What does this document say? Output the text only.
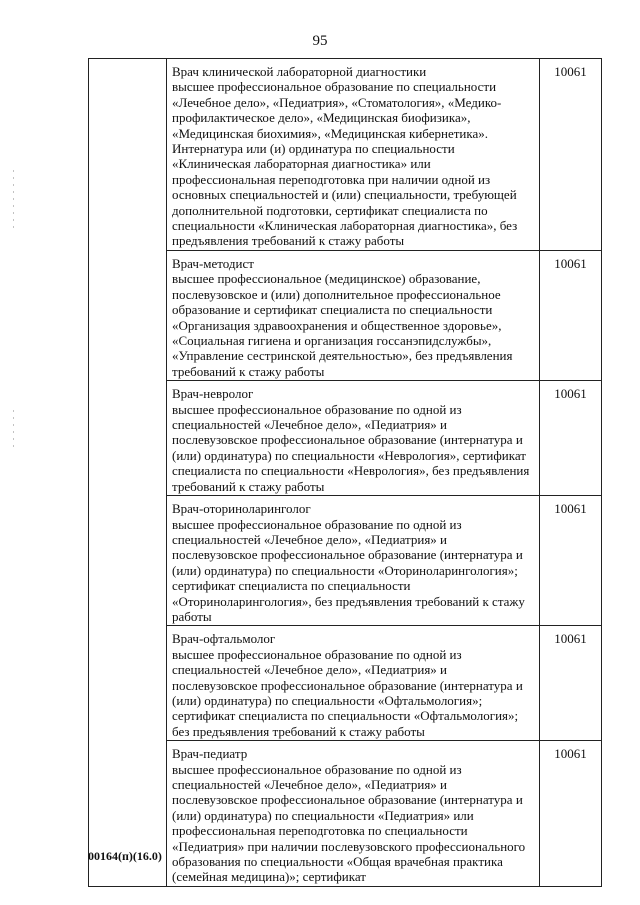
95

	Врач клинической лабораторной диагностики
высшее профессиональное образование по специальности «Лечебное дело», «Педиатрия», «Стоматология», «Медико-профилактическое дело», «Медицинская биофизика», «Медицинская биохимия», «Медицинская кибернетика». Интернатура или (и) ординатура по специальности «Клиническая лабораторная диагностика» или профессиональная переподготовка при наличии одной из основных специальностей и (или) специальности, требующей дополнительной подготовки, сертификат специалиста по специальности «Клиническая лабораторная диагностика», без предъявления требований к стажу работы	10061

	Врач-методист
высшее профессиональное (медицинское) образование, послевузовское и (или) дополнительное профессиональное образование и сертификат специалиста по специальности «Организация здравоохранения и общественное здоровье», «Социальная гигиена и организация госсанэпидслужбы», «Управление сестринской деятельностью», без предъявления требований к стажу работы	10061

	Врач-невролог
высшее профессиональное образование по одной из специальностей «Лечебное дело», «Педиатрия» и послевузовское профессиональное образование (интернатура и (или) ординатура) по специальности «Неврология», сертификат специалиста по специальности «Неврология», без предъявления требований к стажу работы	10061

	Врач-оториноларинголог
высшее профессиональное образование по одной из специальностей «Лечебное дело», «Педиатрия» и послевузовское профессиональное образование (интернатура и (или) ординатура) по специальности «Оториноларингология»; сертификат специалиста по специальности «Оториноларингология», без предъявления требований к стажу работы	10061

	Врач-офтальмолог
высшее профессиональное образование по одной из специальностей «Лечебное дело», «Педиатрия» и послевузовское профессиональное образование (интернатура и (или) ординатура) по специальности «Офтальмология»; сертификат специалиста по специальности «Офтальмология»; без предъявления требований к стажу работы	10061

	Врач-педиатр
высшее профессиональное образование по одной из специальностей «Лечебное дело», «Педиатрия» и послевузовское профессиональное образование (интернатура и (или) ординатура) по специальности «Педиатрия» или профессиональная переподготовка по специальности «Педиатрия» при наличии послевузовского профессионального образования по специальности «Общая врачебная практика (семейная медицина)»; сертификат	10061
00164(п)(16.0)
